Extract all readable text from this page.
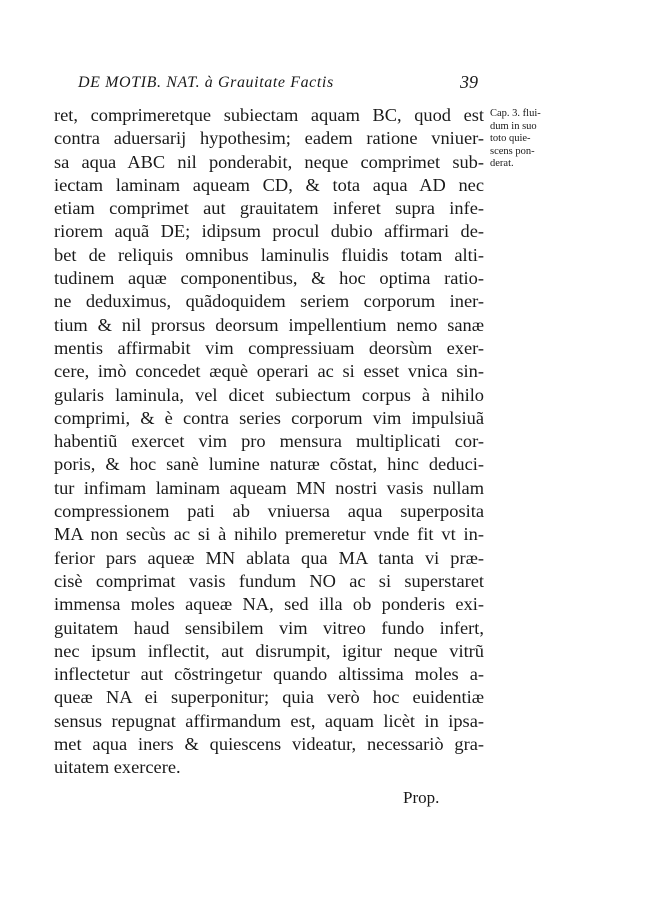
DE MOTIB. NAT. à Grauitate Factis	39
ret, comprimeretque subiectam aquam BC, quod est
contra aduersarij hypothesim; eadem ratione vniuer-
sa aqua ABC nil ponderabit, neque comprimet sub-
iectam laminam aqueam CD, & tota aqua AD nec
etiam comprimet aut grauitatem inferet supra infe-
riorem aquã DE; idipsum procul dubio affirmari de-
bet de reliquis omnibus laminulis fluidis totam alti-
tudinem aquæ componentibus, & hoc optima ratio-
ne deduximus, quãdoquidem seriem corporum iner-
tium & nil prorsus deorsum impellentium nemo sanæ
mentis affirmabit vim compressiuam deorsùm exer-
cere, imò concedet æquè operari ac si esset vnica sin-
gularis laminula, vel dicet subiectum corpus à nihilo
comprimi, & è contra series corporum vim impulsiuã
habentiũ exercet vim pro mensura multiplicati cor-
poris, & hoc sanè lumine naturæ cõstat, hinc deduci-
tur infimam laminam aqueam MN nostri vasis nullam
compressionem pati ab vniuersa aqua superposita
MA non secùs ac si à nihilo premeretur vnde fit vt in-
ferior pars aqueæ MN ablata qua MA tanta vi præ-
cisè comprimat vasis fundum NO ac si superstaret
immensa moles aqueæ NA, sed illa ob ponderis exi-
guitatem haud sensibilem vim vitreo fundo infert,
nec ipsum inflectit, aut disrumpit, igitur neque vitrũ
inflectetur aut cõstringetur quando altissima moles a-
queæ NA ei superponitur; quia verò hoc euidentiæ
sensus repugnat affirmandum est, aquam licèt in ipsa-
met aqua iners & quiescens videatur, necessariò gra-
uitatem exercere.
Cap. 3. flui-
dum in suo
toto quie-
scens pon-
derat.
Prop.
